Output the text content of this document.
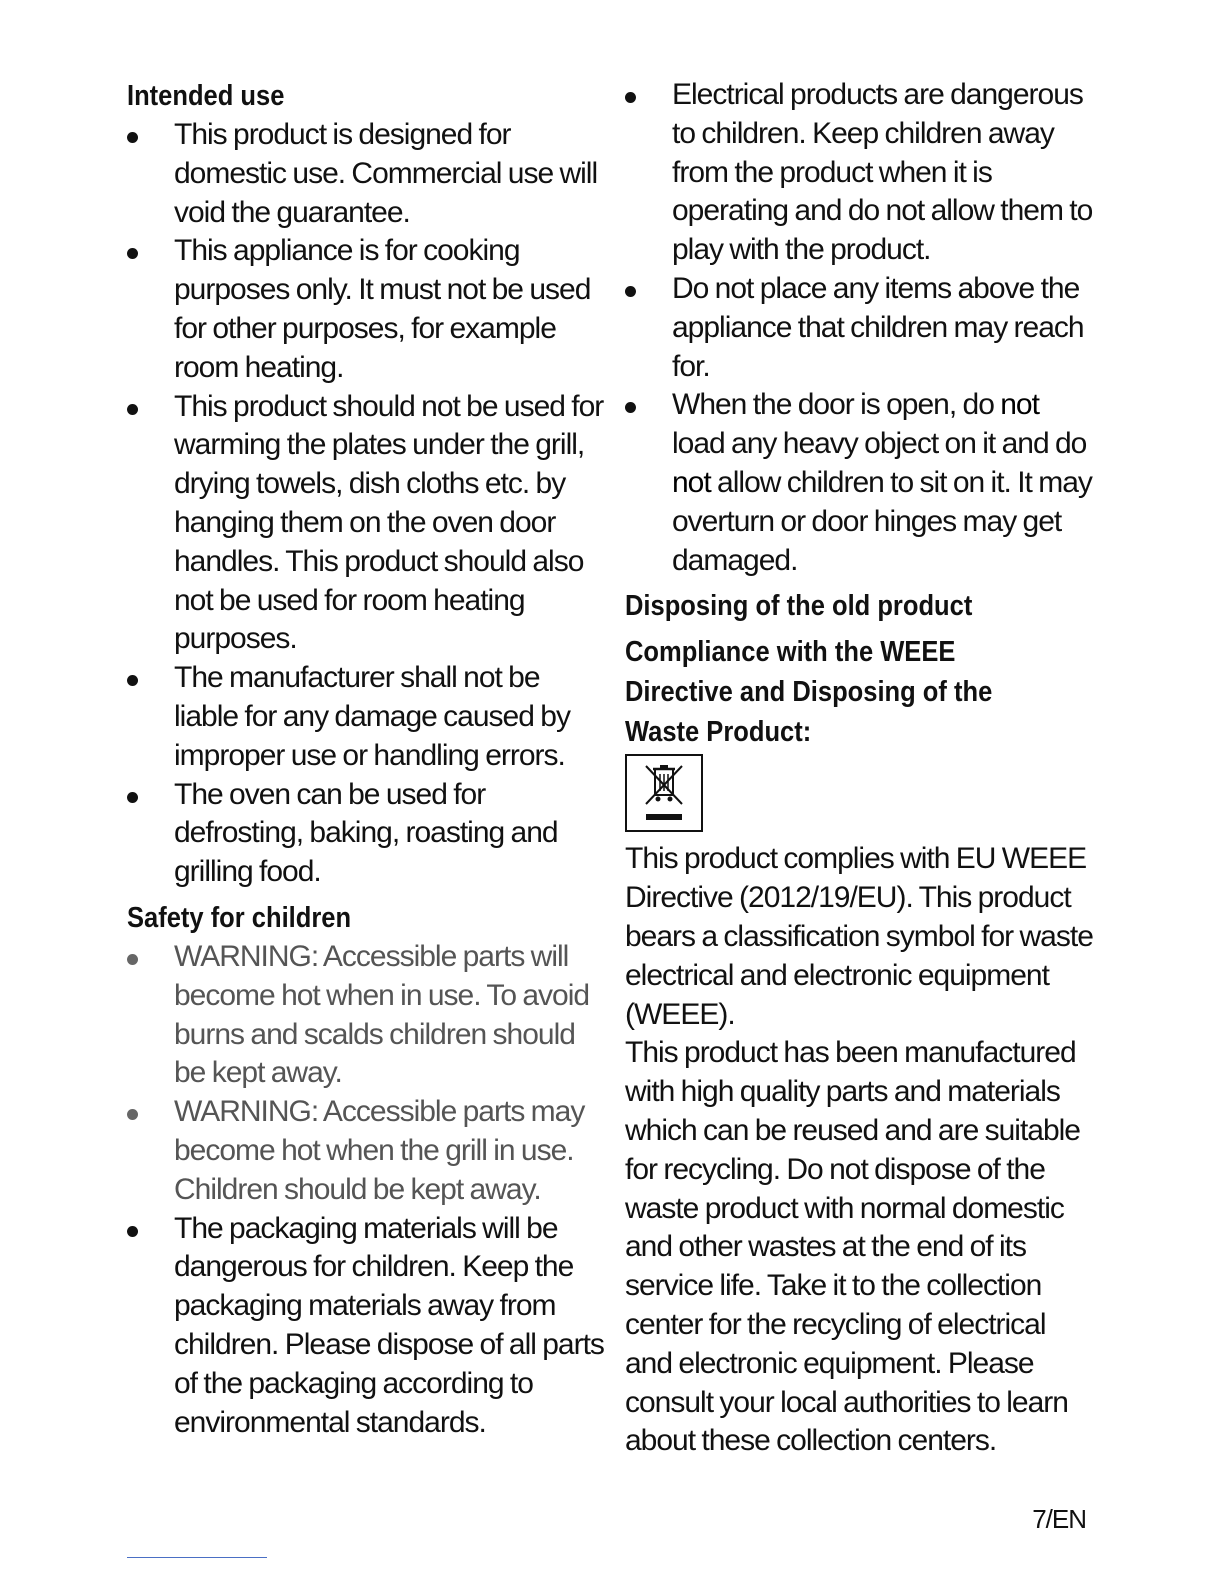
Intended use
This product is designed for domestic use. Commercial use will void the guarantee.
This appliance is for cooking purposes only. It must not be used for other purposes, for example room heating.
This product should not be used for warming the plates under the grill, drying towels, dish cloths etc. by hanging them on the oven door handles. This product should also not be used for room heating purposes.
The manufacturer shall not be liable for any damage caused by improper use or handling errors.
The oven can be used for defrosting, baking, roasting and grilling food.
Safety for children
WARNING: Accessible parts will become hot when in use. To avoid burns and scalds children should be kept away.
WARNING: Accessible parts may become hot when the grill in use. Children should be kept away.
The packaging materials will be dangerous for children. Keep the packaging materials away from children. Please dispose of all parts of the packaging according to environmental standards.
Electrical products are dangerous to children. Keep children away from the product when it is operating and do not allow them to play with the product.
Do not place any items above the appliance that children may reach for.
When the door is open, do not load any heavy object on it and do not allow children to sit on it. It may overturn or door hinges may get damaged.
Disposing of the old product
Compliance with the WEEE
Directive and Disposing of the
Waste Product:

This product complies with EU WEEE Directive (2012/19/EU). This product bears a classification symbol for waste electrical and electronic equipment (WEEE).

This product has been manufactured with high quality parts and materials which can be reused and are suitable for recycling. Do not dispose of the waste product with normal domestic and other wastes at the end of its service life. Take it to the collection center for the recycling of electrical and electronic equipment. Please consult your local authorities to learn about these collection centers.

7/EN
